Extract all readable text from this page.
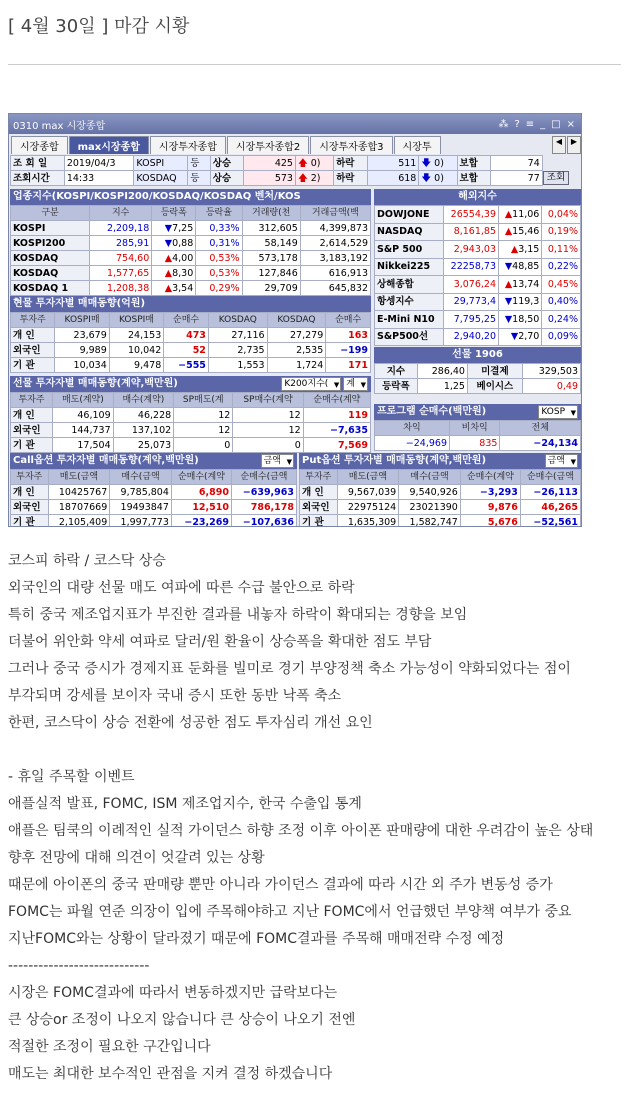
[ 4월 30일 ] 마감 시황
0310 max 시장종합	⁂ ? ≡ _ □ ×
시장종합	max시장종합	시장투자종합	시장투자종합2	시장투자종합3	시장투
◀	▶
조 회 일	2019/04/3	KOSPI	등	상승	425	🡅 0)	하락	511	🡇 0)	보합	74	
조회시간	14:33	KOSDAQ	등	상승	573	🡅 2)	하락	618	🡇 0)	보합	77	조회
업종지수(KOSPI/KOSPI200/KOSDAQ/KOSDAQ 벤처/KOS
구분	지수	등락폭	등락율	거래량(천	거래금액(백
KOSPI	2,209,18	▼ 7,25	0,33%	312,605	4,399,873
KOSPI200	285,91	▼ 0,88	0,31%	58,149	2,614,529
KOSDAQ	754,60	▲ 4,00	0,53%	573,178	3,183,192
KOSDAQ	1,577,65	▲ 8,30	0,53%	127,846	616,913
KOSDAQ 1	1,208,38	▲ 3,54	0,29%	29,709	645,832
해외지수
DOWJONE	26554,39	▲ 11,06	0,04%
NASDAQ	8,161,85	▲ 15,46	0,19%
S&P 500	2,943,03	▲ 3,15	0,11%
Nikkei225	22258,73	▼ 48,85	0,22%
상해종합	3,076,24	▲ 13,74	0,45%
항셍지수	29,773,4	▼ 119,3	0,40%
E-Mini N10	7,795,25	▼ 18,50	0,24%
S&P500선	2,940,20	▼ 2,70	0,09%
현물 투자자별 매매동향(억원)
투자주	KOSPI매	KOSPI매	순매수	KOSDAQ	KOSDAQ	순매수
개 인	23,679	24,153	473	27,116	27,279	163
외국인	9,989	10,042	52	2,735	2,535	−199
기 관	10,034	9,478	−555	1,553	1,724	171
선물 1906
지수	286,40	미결제	329,503
등락폭	1,25	베이시스	0,49
선물 투자자별 매매동향(계약,백만원)	K200지수( ▼	계 ▼
투자주	매도(계약)	매수(계약)	SP매도(계	SP매수(계약	순매수(계약
개 인	46,109	46,228	12	12	119
외국인	144,737	137,102	12	12	−7,635
기 관	17,504	25,073	0	0	7,569
프로그램 순매수(백만원)	KOSP ▼
차익	비차익	전체
−24,969	835	−24,134
Call옵션 투자자별 매매동향(계약,백만원)	금액 ▼
투자주	매도(금액	매수(금액	순매수(계약	순매수(금액
개 인	10425767	9,785,804	6,890	−639,963
외국인	18707669	19493847	12,510	786,178
기 관	2,105,409	1,997,773	−23,269	−107,636
Put옵션 투자자별 매매동향(계약,백만원)	금액 ▼
투자주	매도(금액	매수(금액	순매수(계약	순매수(금액
개 인	9,567,039	9,540,926	−3,293	−26,113
외국인	22975124	23021390	9,876	46,265
기 관	1,635,309	1,582,747	5,676	−52,561

코스피 하락 / 코스닥 상승

외국인의 대량 선물 매도 여파에 따른 수급 불안으로 하락

특히 중국 제조업지표가 부진한 결과를 내놓자 하락이 확대되는 경향을 보임

더불어 위안화 약세 여파로 달러/원 환율이 상승폭을 확대한 점도 부담

그러나 중국 증시가 경제지표 둔화를 빌미로 경기 부양정책 축소 가능성이 약화되었다는 점이

부각되며 강세를 보이자 국내 증시 또한 동반 낙폭 축소

한편, 코스닥이 상승 전환에 성공한 점도 투자심리 개선 요인

- 휴일 주목할 이벤트

애플실적 발표, FOMC, ISM 제조업지수, 한국 수출입 통계

애플은 팀쿡의 이례적인 실적 가이던스 하향 조정 이후 아이폰 판매량에 대한 우려감이 높은 상태

향후 전망에 대해 의견이 엇갈려 있는 상황

때문에 아이폰의 중국 판매량 뿐만 아니라 가이던스 결과에 따라 시간 외 주가 변동성 증가

FOMC는 파월 연준 의장이 입에 주목해야하고 지난 FOMC에서 언급했던 부양책 여부가 중요

지난FOMC와는 상황이 달라졌기 때문에 FOMC결과를 주목해 매매전략 수정 예정

----------------------------

시장은 FOMC결과에 따라서 변동하겠지만 급락보다는

큰 상승or 조정이 나오지 않습니다 큰 상승이 나오기 전엔

적절한 조정이 필요한 구간입니다

매도는 최대한 보수적인 관점을 지켜 결정 하겠습니다
